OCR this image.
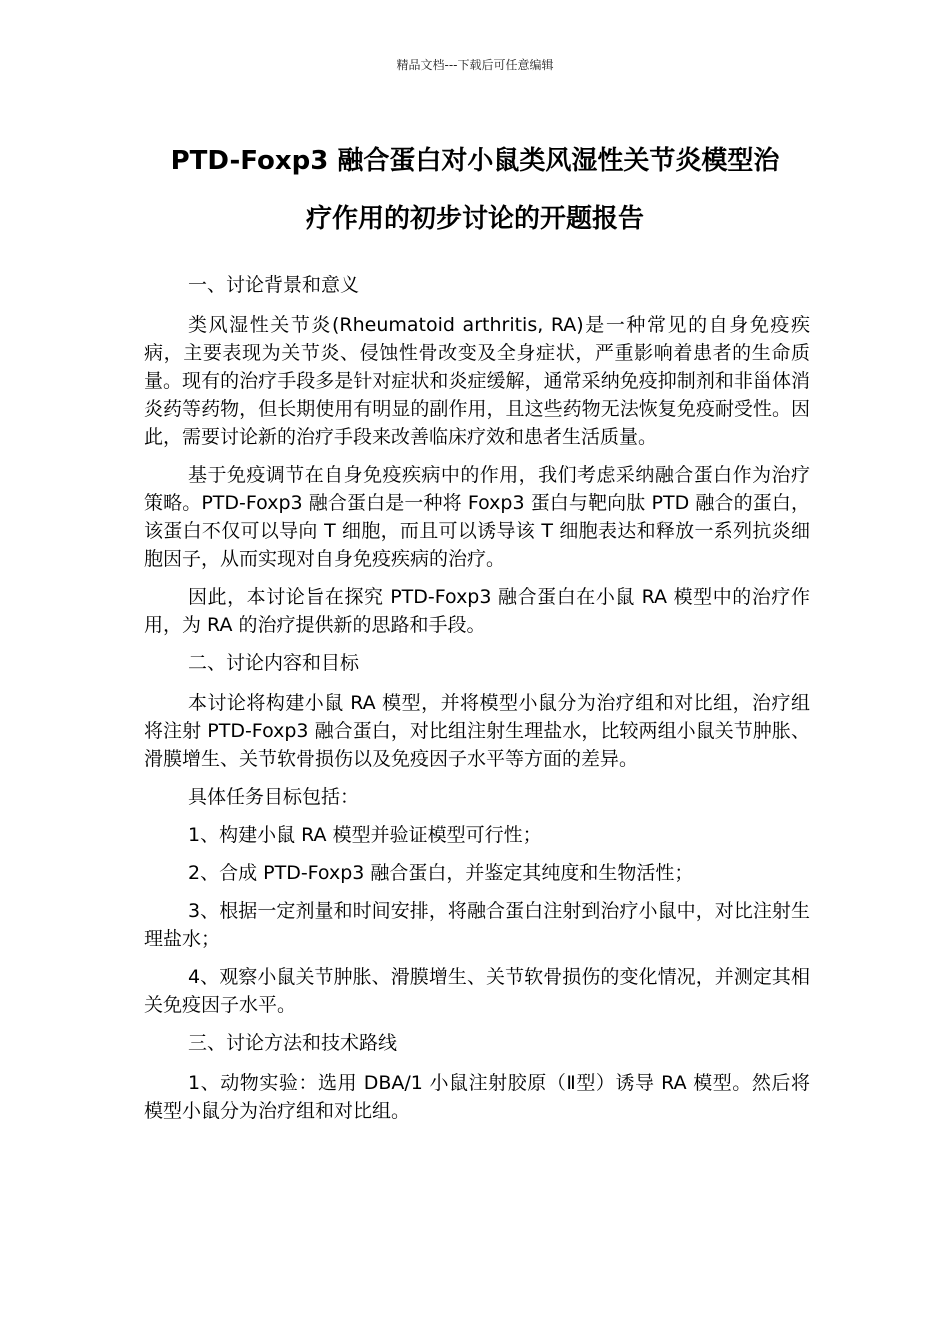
精品文档---下载后可任意编辑
PTD-Foxp3 融合蛋白对小鼠类风湿性关节炎模型治
疗作用的初步讨论的开题报告

一、讨论背景和意义

类风湿性关节炎(Rheumatoid arthritis, RA)是一种常见的自身免疫疾病，主要表现为关节炎、侵蚀性骨改变及全身症状，严重影响着患者的生命质量。现有的治疗手段多是针对症状和炎症缓解，通常采纳免疫抑制剂和非甾体消炎药等药物，但长期使用有明显的副作用，且这些药物无法恢复免疫耐受性。因此，需要讨论新的治疗手段来改善临床疗效和患者生活质量。

基于免疫调节在自身免疫疾病中的作用，我们考虑采纳融合蛋白作为治疗策略。PTD-Foxp3 融合蛋白是一种将 Foxp3 蛋白与靶向肽 PTD 融合的蛋白，该蛋白不仅可以导向 T 细胞，而且可以诱导该 T 细胞表达和释放一系列抗炎细胞因子，从而实现对自身免疫疾病的治疗。

因此，本讨论旨在探究 PTD-Foxp3 融合蛋白在小鼠 RA 模型中的治疗作用，为 RA 的治疗提供新的思路和手段。

二、讨论内容和目标

本讨论将构建小鼠 RA 模型，并将模型小鼠分为治疗组和对比组，治疗组将注射 PTD-Foxp3 融合蛋白，对比组注射生理盐水，比较两组小鼠关节肿胀、滑膜增生、关节软骨损伤以及免疫因子水平等方面的差异。

具体任务目标包括：

1、构建小鼠 RA 模型并验证模型可行性；

2、合成 PTD-Foxp3 融合蛋白，并鉴定其纯度和生物活性；

3、根据一定剂量和时间安排，将融合蛋白注射到治疗小鼠中，对比注射生理盐水；

4、观察小鼠关节肿胀、滑膜增生、关节软骨损伤的变化情况，并测定其相关免疫因子水平。

三、讨论方法和技术路线

1、动物实验：选用 DBA/1 小鼠注射胶原（Ⅱ型）诱导 RA 模型。然后将模型小鼠分为治疗组和对比组。
